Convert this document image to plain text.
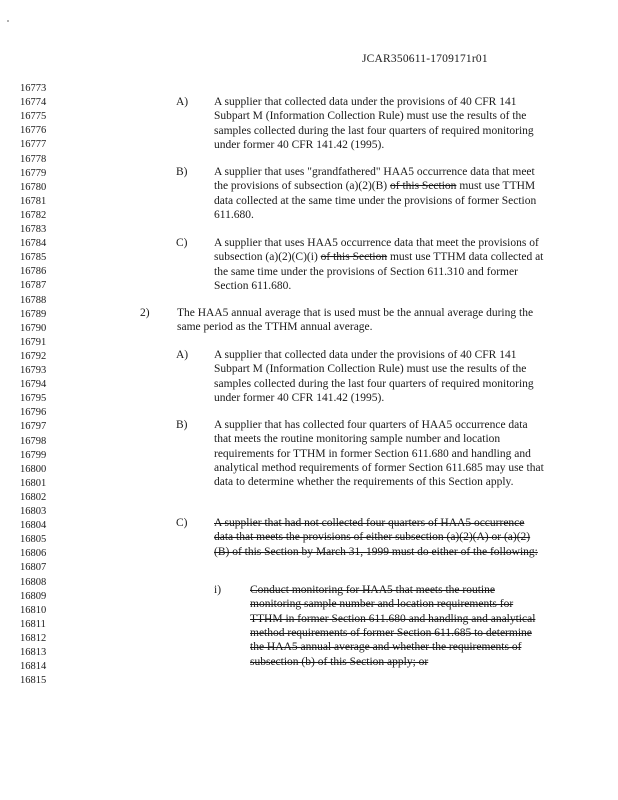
JCAR350611-1709171r01
16773
16774
16775
16776
16777
16778
16779
16780
16781
16782
16783
16784
16785
16786
16787
16788
16789
16790
16791
16792
16793
16794
16795
16796
16797
16798
16799
16800
16801
16802
16803
16804
16805
16806
16807
16808
16809
16810
16811
16812
16813
16814
16815
A) A supplier that collected data under the provisions of 40 CFR 141 Subpart M (Information Collection Rule) must use the results of the samples collected during the last four quarters of required monitoring under former 40 CFR 141.42 (1995).
B) A supplier that uses "grandfathered" HAA5 occurrence data that meet the provisions of subsection (a)(2)(B) of this Section must use TTHM data collected at the same time under the provisions of former Section 611.680.
C) A supplier that uses HAA5 occurrence data that meet the provisions of subsection (a)(2)(C)(i) of this Section must use TTHM data collected at the same time under the provisions of Section 611.310 and former Section 611.680.
2) The HAA5 annual average that is used must be the annual average during the same period as the TTHM annual average.
A) A supplier that collected data under the provisions of 40 CFR 141 Subpart M (Information Collection Rule) must use the results of the samples collected during the last four quarters of required monitoring under former 40 CFR 141.42 (1995).
B) A supplier that has collected four quarters of HAA5 occurrence data that meets the routine monitoring sample number and location requirements for TTHM in former Section 611.680 and handling and analytical method requirements of former Section 611.685 may use that data to determine whether the requirements of this Section apply.
C) A supplier that had not collected four quarters of HAA5 occurrence data that meets the provisions of either subsection (a)(2)(A) or (a)(2)(B) of this Section by March 31, 1999 must do either of the following:
i)	Conduct monitoring for HAA5 that meets the routine monitoring sample number and location requirements for TTHM in former Section 611.680 and handling and analytical method requirements of former Section 611.685 to determine the HAA5 annual average and whether the requirements of subsection (b) of this Section apply; or
